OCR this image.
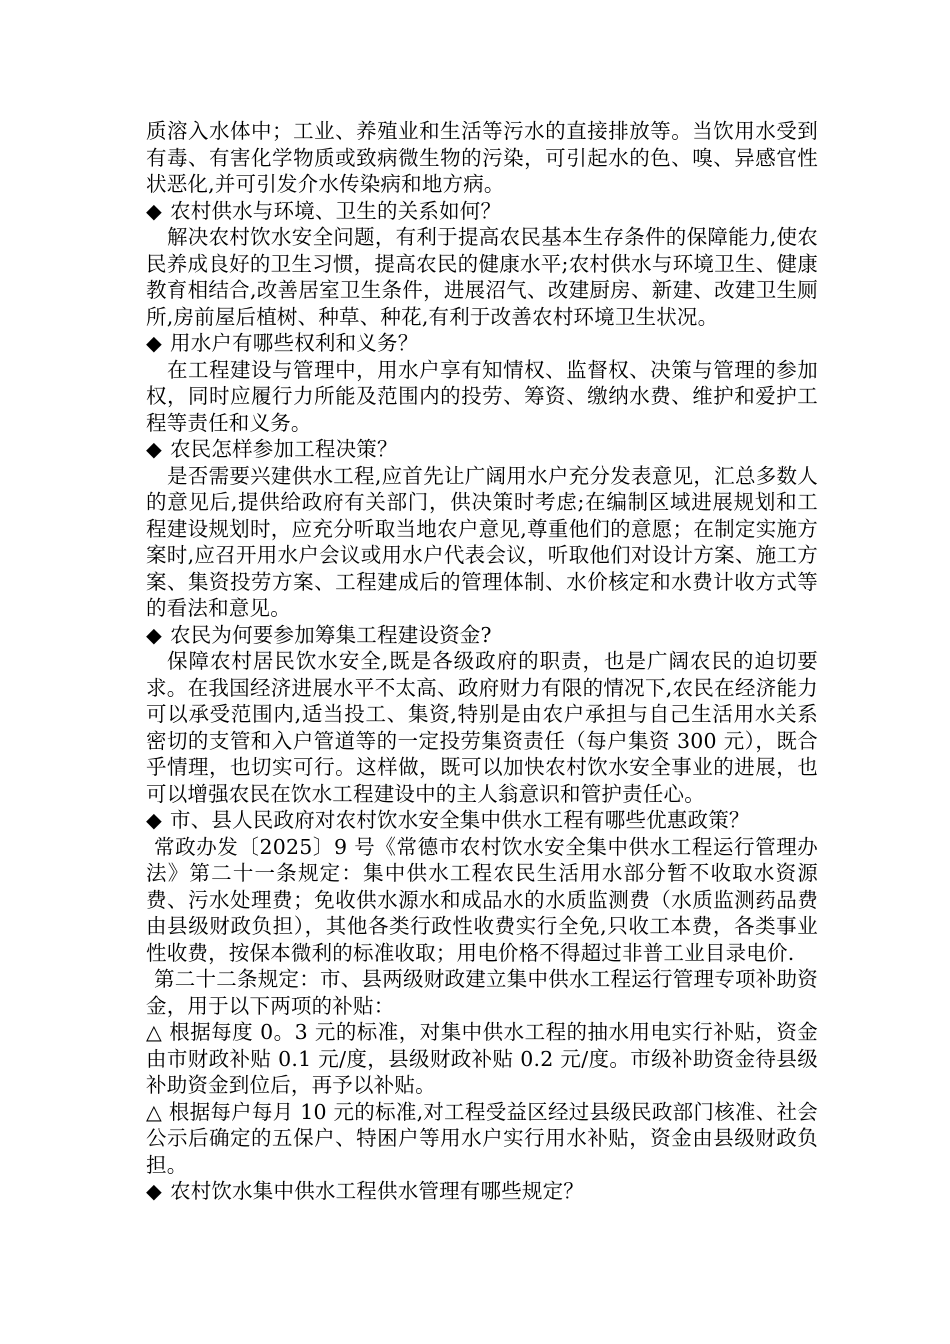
质溶入水体中；工业、养殖业和生活等污水的直接排放等。当饮用水受到有毒、有害化学物质或致病微生物的污染，可引起水的色、嗅、异感官性状恶化,并可引发介水传染病和地方病。

◆ 农村供水与环境、卫生的关系如何？

解决农村饮水安全问题，有利于提高农民基本生存条件的保障能力,使农民养成良好的卫生习惯，提高农民的健康水平;农村供水与环境卫生、健康教育相结合,改善居室卫生条件，进展沼气、改建厨房、新建、改建卫生厕所,房前屋后植树、种草、种花,有利于改善农村环境卫生状况。

◆ 用水户有哪些权利和义务？

在工程建设与管理中，用水户享有知情权、监督权、决策与管理的参加权，同时应履行力所能及范围内的投劳、筹资、缴纳水费、维护和爱护工程等责任和义务。

◆ 农民怎样参加工程决策？

是否需要兴建供水工程,应首先让广阔用水户充分发表意见，汇总多数人的意见后,提供给政府有关部门，供决策时考虑;在编制区域进展规划和工程建设规划时，应充分听取当地农户意见,尊重他们的意愿；在制定实施方案时,应召开用水户会议或用水户代表会议，听取他们对设计方案、施工方案、集资投劳方案、工程建成后的管理体制、水价核定和水费计收方式等的看法和意见。

◆ 农民为何要参加筹集工程建设资金?

保障农村居民饮水安全,既是各级政府的职责，也是广阔农民的迫切要求。在我国经济进展水平不太高、政府财力有限的情况下,农民在经济能力可以承受范围内,适当投工、集资,特别是由农户承担与自己生活用水关系密切的支管和入户管道等的一定投劳集资责任（每户集资 300 元），既合乎情理，也切实可行。这样做，既可以加快农村饮水安全事业的进展，也可以增强农民在饮水工程建设中的主人翁意识和管护责任心。

◆ 市、县人民政府对农村饮水安全集中供水工程有哪些优惠政策？

常政办发〔2025〕9 号《常德市农村饮水安全集中供水工程运行管理办法》第二十一条规定：集中供水工程农民生活用水部分暂不收取水资源费、污水处理费；免收供水源水和成品水的水质监测费（水质监测药品费由县级财政负担），其他各类行政性收费实行全免,只收工本费，各类事业性收费，按保本微利的标准收取；用电价格不得超过非普工业目录电价.

第二十二条规定：市、县两级财政建立集中供水工程运行管理专项补助资金，用于以下两项的补贴：

△ 根据每度 0。3 元的标准，对集中供水工程的抽水用电实行补贴，资金由市财政补贴 0.1 元/度，县级财政补贴 0.2 元/度。市级补助资金待县级补助资金到位后，再予以补贴。

△ 根据每户每月 10 元的标准,对工程受益区经过县级民政部门核准、社会公示后确定的五保户、特困户等用水户实行用水补贴，资金由县级财政负担。

◆ 农村饮水集中供水工程供水管理有哪些规定？
